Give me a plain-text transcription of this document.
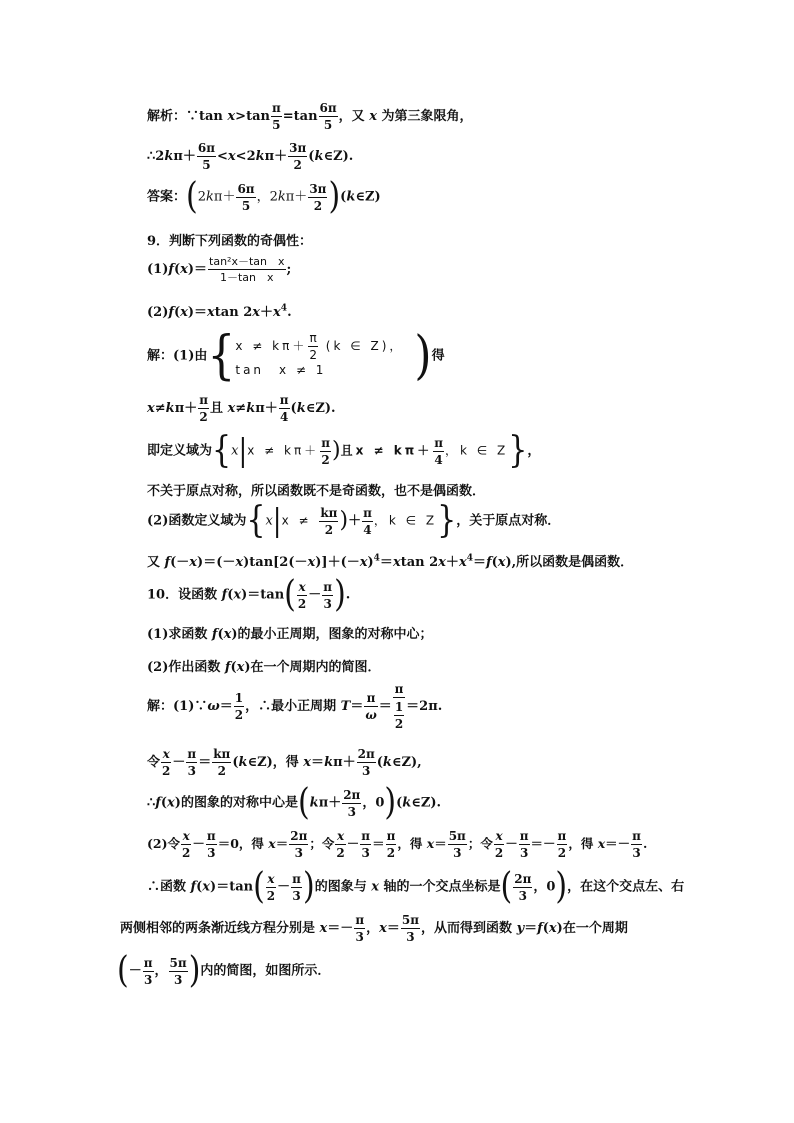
解析：∵tan $x>\tan \frac{\pi}{5} =\tan \frac{6\pi}{5}$ ，又 x 为第三象限角，
∴2kπ＋ $\frac{6\pi}{5} <x<2k\pi+ \frac{3\pi}{2}$ (k∈Z).
答案：($2k\pi+ \frac{6\pi}{5}$ ，$2k\pi+ \frac{3\pi}{2}$ )(k∈Z)
9．判断下列函数的奇偶性：
$(1)f(x)= \frac{\text{tan²x－tan　x}}{\text{1－tan　x}}$ ;
(2)f(x)＝xtan $2x+x^4$.
解：(1)由{ $x \ne k\pi+ \frac{\pi}{2} (k$ ∈ Z)，
tan　x ≠ 1	)得
$x\ne k\pi+ \frac{\pi}{2}$ 且 $x\ne k\pi+ \frac{\pi}{4}$ (k∈Z).
即定义域为{$x|x \ne k\pi+ \frac{\pi}{2}$ )且$x \ne k\pi+ \frac{\pi}{4}$ ，k ∈ Z}，
不关于原点对称，所以函数既不是奇函数，也不是偶函数．
(2)函数定义域为{$x|x \ne \frac{k\pi}{2}$ )＋ $\frac{\pi}{4}$ ，k ∈ Z}，关于原点对称．
又 $f(-x)=(-x)\tan[2(-x)]+(-x)^4=xtan$ $2x+x^4=f(x)$,所以函数是偶函数．
10．设函数 $f(x)=\tan( \frac{x}{2} - \frac{\pi}{3}$ ).
(1)求函数 f(x)的最小正周期，图象的对称中心；
(2)作出函数 f(x)在一个周期内的简图．
解：(1)∵ω＝ $\frac{1}{2}$ ，∴最小正周期 $T= \frac{\pi}{\omega} = \frac{\pi}{\frac{1}{2}} =2\pi$.
令 $\frac{x}{2} - \frac{\pi}{3} = \frac{k\pi}{2}$ (k∈Z)，得 $x=k\pi+ \frac{2\pi}{3}$ (k∈Z),
∴f(x)的图象的对称中心是($k\pi+ \frac{2\pi}{3}$ ，0)(k∈Z).
(2)令 $\frac{x}{2} - \frac{\pi}{3} =0$，得 $x= \frac{2\pi}{3}$ ；令 $\frac{x}{2} - \frac{\pi}{3} = \frac{\pi}{2}$ ，得 $x= \frac{5\pi}{3}$ ；令 $\frac{x}{2} - \frac{\pi}{3} =- \frac{\pi}{2}$ ，得 $x=- \frac{\pi}{3}$ .
∴函数 $f(x)=\tan( \frac{x}{2} - \frac{\pi}{3}$ )的图象与 x 轴的一个交点坐标是( $\frac{2\pi}{3}$ ，0)，在这个交点左、右
两侧相邻的两条渐近线方程分别是 $x=- \frac{\pi}{3}$ ，$x= \frac{5\pi}{3}$ ，从而得到函数 y＝f(x)在一个周期
(－ $\frac{\pi}{3}$ ， $\frac{5\pi}{3}$ )内的简图，如图所示．
